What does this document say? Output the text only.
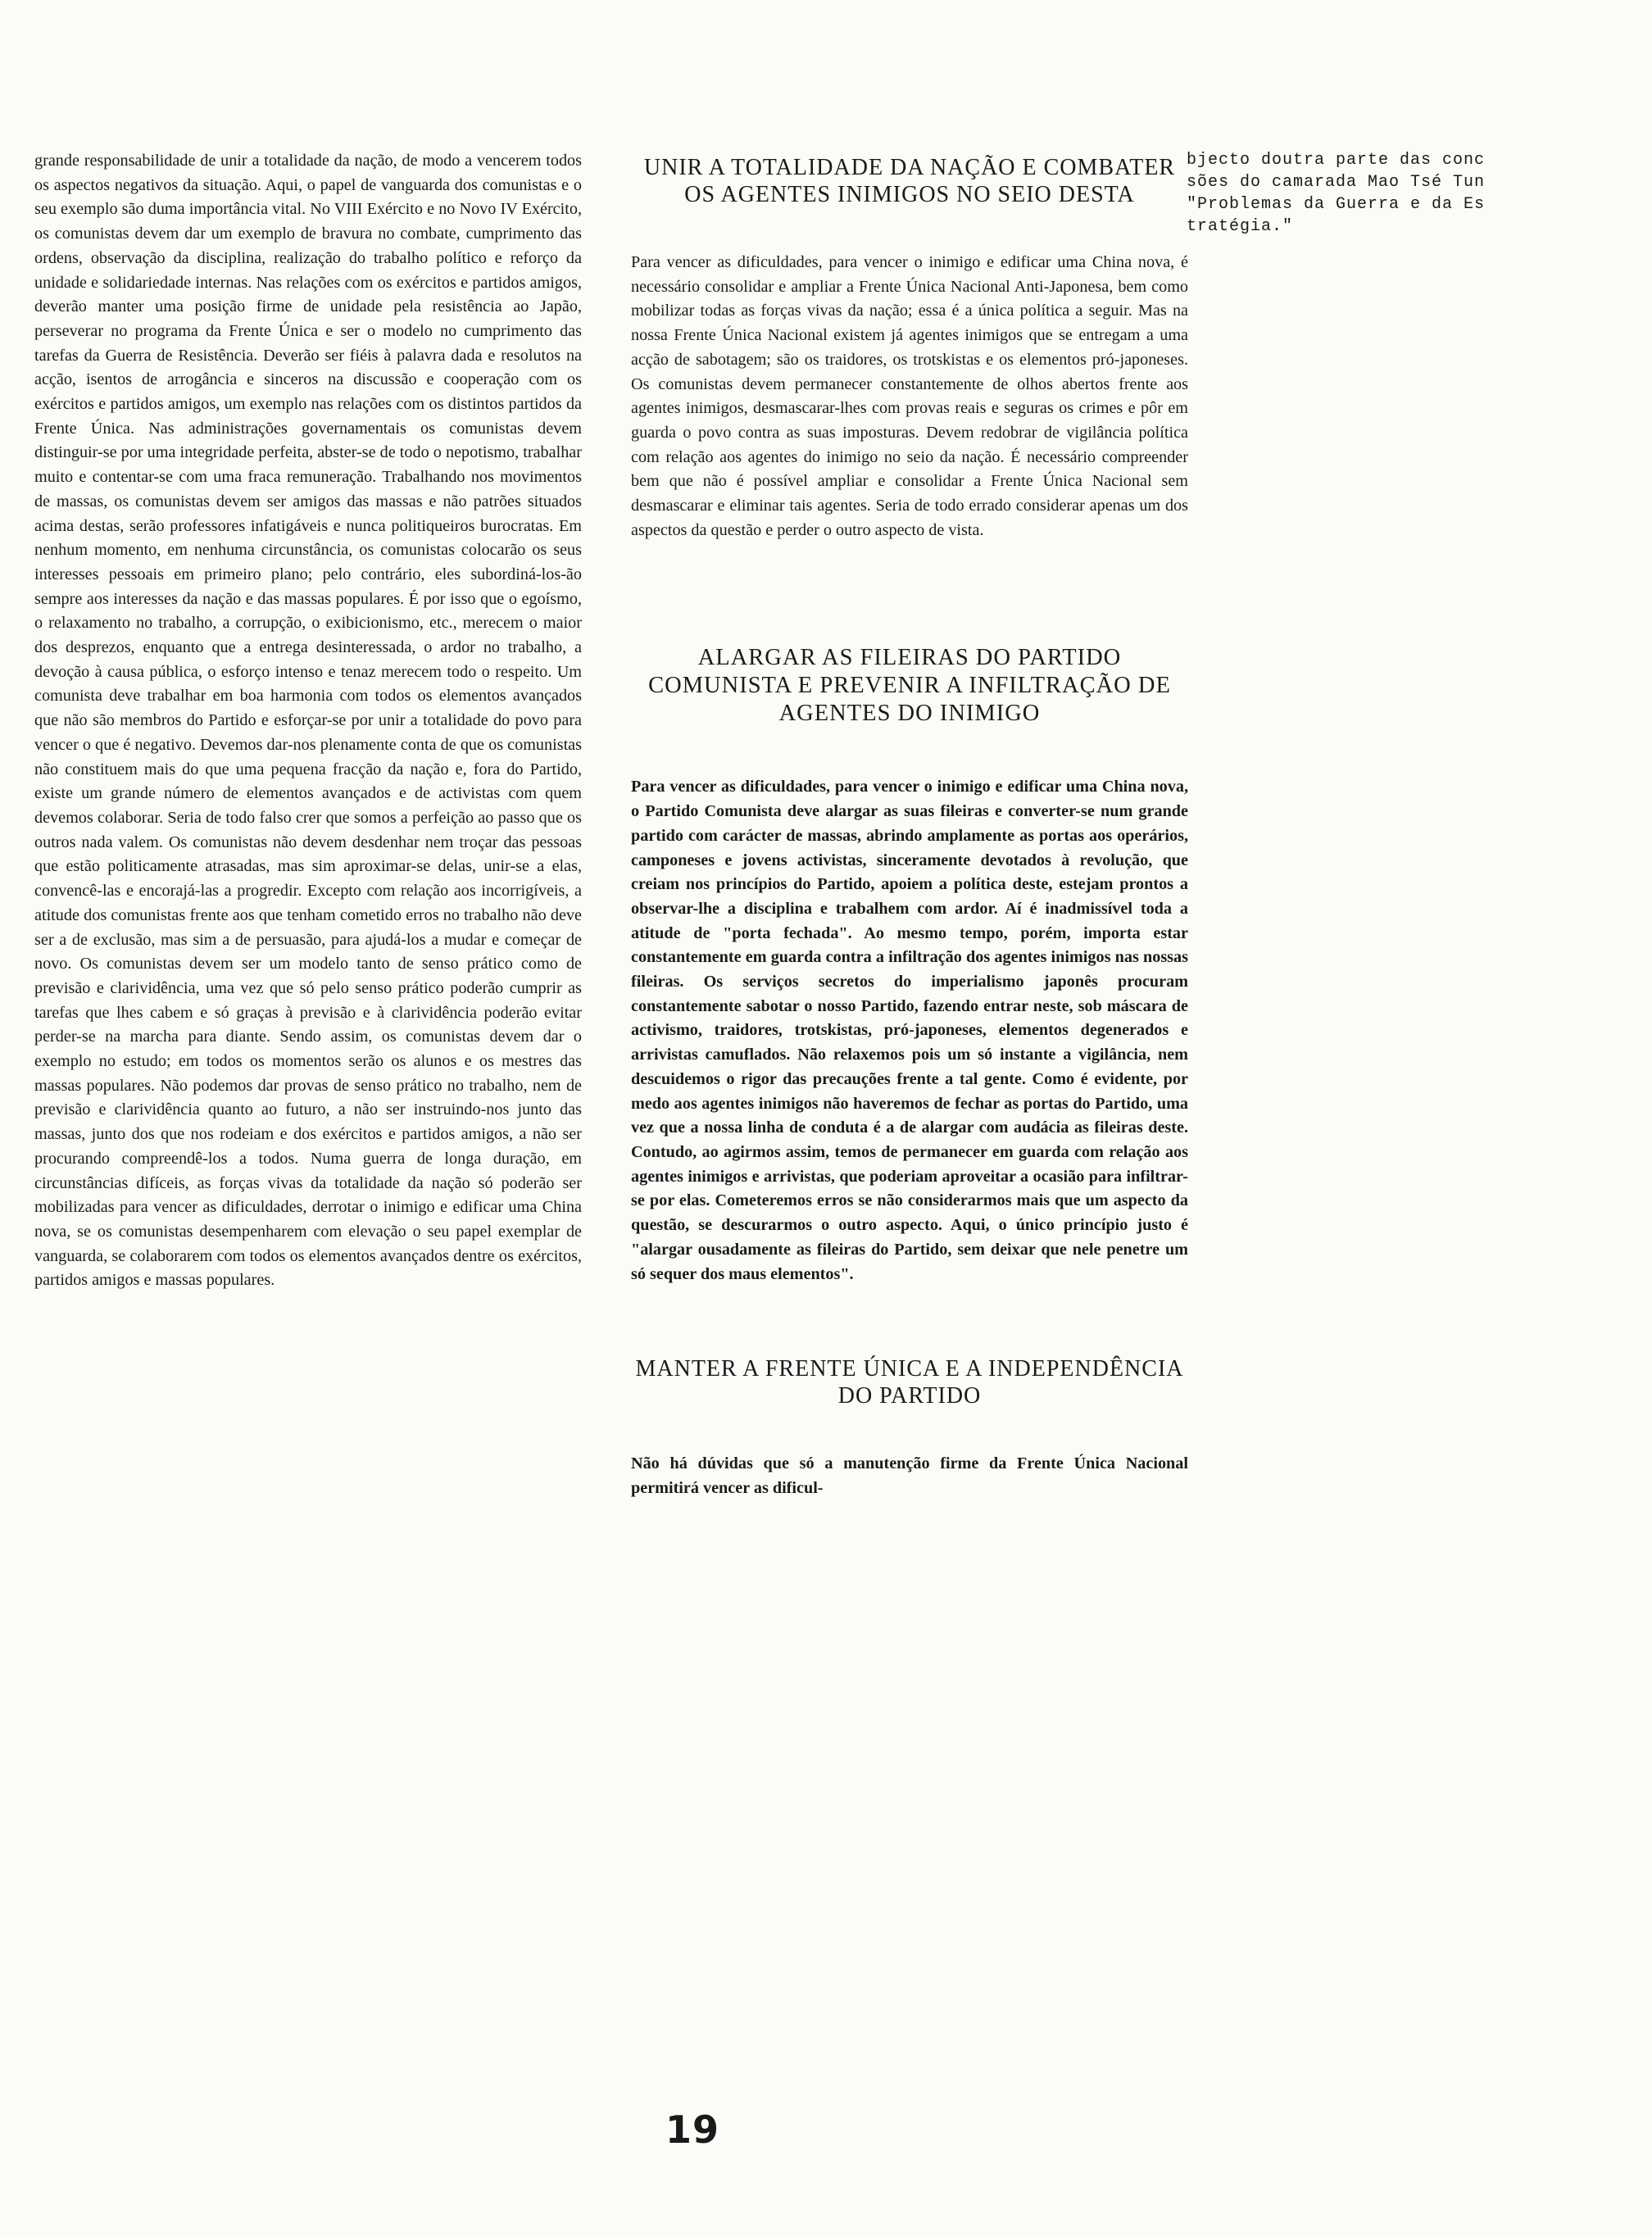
grande responsabilidade de unir a totalidade da nação, de modo a vencerem todos os aspectos negativos da situação. Aqui, o papel de vanguarda dos comunistas e o seu exemplo são duma importância vital. No VIII Exército e no Novo IV Exército, os comunistas devem dar um exemplo de bravura no combate, cumprimento das ordens, observação da disciplina, realização do trabalho político e reforço da unidade e solidariedade internas. Nas relações com os exércitos e partidos amigos, deverão manter uma posição firme de unidade pela resistência ao Japão, perseverar no programa da Frente Única e ser o modelo no cumprimento das tarefas da Guerra de Resistência. Deverão ser fiéis à palavra dada e resolutos na acção, isentos de arrogância e sinceros na discussão e cooperação com os exércitos e partidos amigos, um exemplo nas relações com os distintos partidos da Frente Única. Nas administrações governamentais os comunistas devem distinguir-se por uma integridade perfeita, abster-se de todo o nepotismo, trabalhar muito e contentar-se com uma fraca remuneração. Trabalhando nos movimentos de massas, os comunistas devem ser amigos das massas e não patrões situados acima destas, serão professores infatigáveis e nunca politiqueiros burocratas. Em nenhum momento, em nenhuma circunstância, os comunistas colocarão os seus interesses pessoais em primeiro plano; pelo contrário, eles subordiná-los-ão sempre aos interesses da nação e das massas populares. É por isso que o egoísmo, o relaxamento no trabalho, a corrupção, o exibicionismo, etc., merecem o maior dos desprezos, enquanto que a entrega desinteressada, o ardor no trabalho, a devoção à causa pública, o esforço intenso e tenaz merecem todo o respeito. Um comunista deve trabalhar em boa harmonia com todos os elementos avançados que não são membros do Partido e esforçar-se por unir a totalidade do povo para vencer o que é negativo. Devemos dar-nos plenamente conta de que os comunistas não constituem mais do que uma pequena fracção da nação e, fora do Partido, existe um grande número de elementos avançados e de activistas com quem devemos colaborar. Seria de todo falso crer que somos a perfeição ao passo que os outros nada valem. Os comunistas não devem desdenhar nem troçar das pessoas que estão politicamente atrasadas, mas sim aproximar-se delas, unir-se a elas, convencê-las e encorajá-las a progredir. Excepto com relação aos incorrigíveis, a atitude dos comunistas frente aos que tenham cometido erros no trabalho não deve ser a de exclusão, mas sim a de persuasão, para ajudá-los a mudar e começar de novo. Os comunistas devem ser um modelo tanto de senso prático como de previsão e clarividência, uma vez que só pelo senso prático poderão cumprir as tarefas que lhes cabem e só graças à previsão e à clarividência poderão evitar perder-se na marcha para diante. Sendo assim, os comunistas devem dar o exemplo no estudo; em todos os momentos serão os alunos e os mestres das massas populares. Não podemos dar provas de senso prático no trabalho, nem de previsão e clarividência quanto ao futuro, a não ser instruindo-nos junto das massas, junto dos que nos rodeiam e dos exércitos e partidos amigos, a não ser procurando compreendê-los a todos. Numa guerra de longa duração, em circunstâncias difíceis, as forças vivas da totalidade da nação só poderão ser mobilizadas para vencer as dificuldades, derrotar o inimigo e edificar uma China nova, se os comunistas desempenharem com elevação o seu papel exemplar de vanguarda, se colaborarem com todos os elementos avançados dentre os exércitos, partidos amigos e massas populares.

UNIR A TOTALIDADE DA NAÇÃO E COMBATER OS AGENTES INIMIGOS NO SEIO DESTA

Para vencer as dificuldades, para vencer o inimigo e edificar uma China nova, é necessário consolidar e ampliar a Frente Única Nacional Anti-Japonesa, bem como mobilizar todas as forças vivas da nação; essa é a única política a seguir. Mas na nossa Frente Única Nacional existem já agentes inimigos que se entregam a uma acção de sabotagem; são os traidores, os trotskistas e os elementos pró-japoneses. Os comunistas devem permanecer constantemente de olhos abertos frente aos agentes inimigos, desmascarar-lhes com provas reais e seguras os crimes e pôr em guarda o povo contra as suas imposturas. Devem redobrar de vigilância política com relação aos agentes do inimigo no seio da nação. É necessário compreender bem que não é possível ampliar e consolidar a Frente Única Nacional sem desmascarar e eliminar tais agentes. Seria de todo errado considerar apenas um dos aspectos da questão e perder o outro aspecto de vista.

ALARGAR AS FILEIRAS DO PARTIDO COMUNISTA E PREVENIR A INFILTRAÇÃO DE AGENTES DO INIMIGO

Para vencer as dificuldades, para vencer o inimigo e edificar uma China nova, o Partido Comunista deve alargar as suas fileiras e converter-se num grande partido com carácter de massas, abrindo amplamente as portas aos operários, camponeses e jovens activistas, sinceramente devotados à revolução, que creiam nos princípios do Partido, apoiem a política deste, estejam prontos a observar-lhe a disciplina e trabalhem com ardor. Aí é inadmissível toda a atitude de "porta fechada". Ao mesmo tempo, porém, importa estar constantemente em guarda contra a infiltração dos agentes inimigos nas nossas fileiras. Os serviços secretos do imperialismo japonês procuram constantemente sabotar o nosso Partido, fazendo entrar neste, sob máscara de activismo, traidores, trotskistas, pró-japoneses, elementos degenerados e arrivistas camuflados. Não relaxemos pois um só instante a vigilância, nem descuidemos o rigor das precauções frente a tal gente. Como é evidente, por medo aos agentes inimigos não haveremos de fechar as portas do Partido, uma vez que a nossa linha de conduta é a de alargar com audácia as fileiras deste. Contudo, ao agirmos assim, temos de permanecer em guarda com relação aos agentes inimigos e arrivistas, que poderiam aproveitar a ocasião para infiltrar-se por elas. Cometeremos erros se não considerarmos mais que um aspecto da questão, se descurarmos o outro aspecto. Aqui, o único princípio justo é "alargar ousadamente as fileiras do Partido, sem deixar que nele penetre um só sequer dos maus elementos".

MANTER A FRENTE ÚNICA E A INDEPENDÊNCIA DO PARTIDO

Não há dúvidas que só a manutenção firme da Frente Única Nacional permitirá vencer as dificul-

bjecto doutra parte das conc
sões do camarada Mao Tsé Tun
"Problemas da Guerra e da Es
tratégia."

19
